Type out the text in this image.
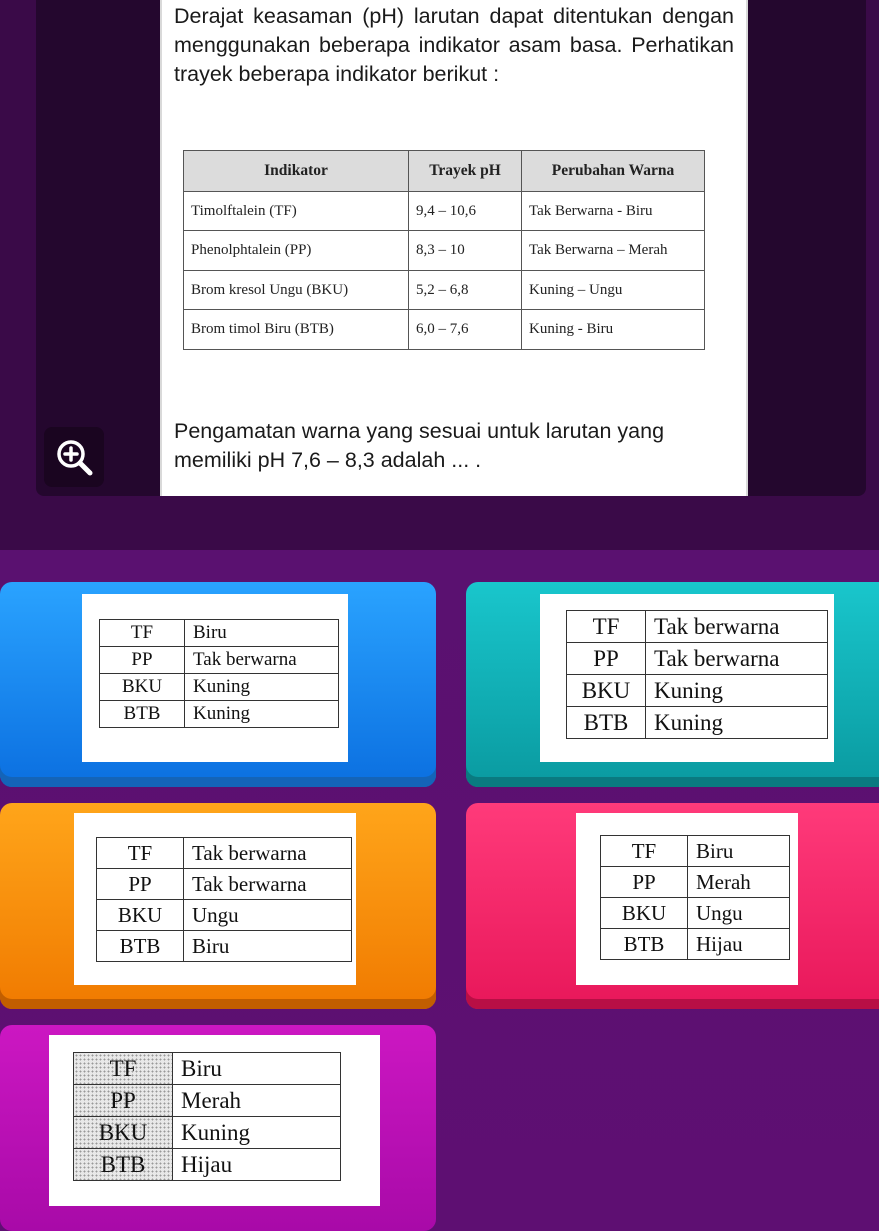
Derajat keasaman (pH) larutan dapat ditentukan dengan menggunakan beberapa indikator asam basa. Perhatikan trayek beberapa indikator berikut :
Indikator	Trayek pH	Perubahan Warna
Timolftalein (TF)	9,4 – 10,6	Tak Berwarna - Biru
Phenolphtalein (PP)	8,3 – 10	Tak Berwarna – Merah
Brom kresol Ungu (BKU)	5,2 – 6,8	Kuning – Ungu
Brom timol Biru (BTB)	6,0 – 7,6	Kuning - Biru
Pengamatan warna yang sesuai untuk larutan yang memiliki pH 7,6 – 8,3 adalah ... .
TF	Biru
PP	Tak berwarna
BKU	Kuning
BTB	Kuning
TF	Tak berwarna
PP	Tak berwarna
BKU	Kuning
BTB	Kuning
TF	Tak berwarna
PP	Tak berwarna
BKU	Ungu
BTB	Biru
TF	Biru
PP	Merah
BKU	Ungu
BTB	Hijau
TF	Biru
PP	Merah
BKU	Kuning
BTB	Hijau
